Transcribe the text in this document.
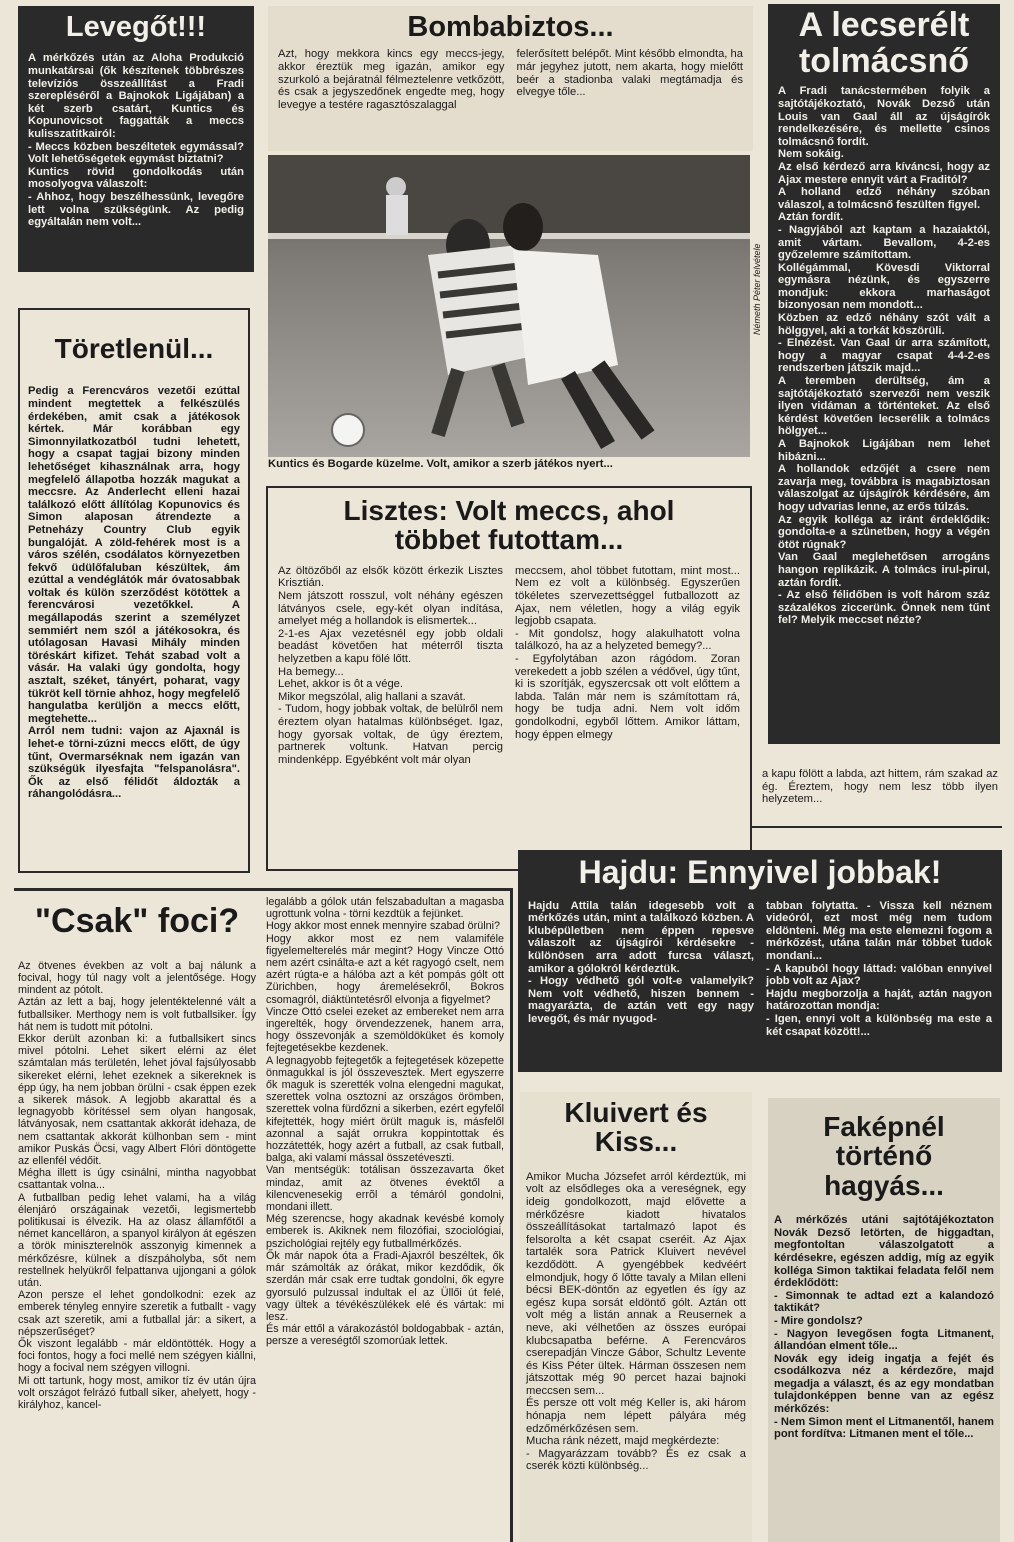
Levegőt!!!

A mérkőzés után az Aloha Produkció munkatársai (ők készítenek többrészes televíziós összeállítást a Fradi szerepléséről a Bajnokok Ligájában) a két szerb csatárt, Kuntics és Kopunovicsot faggatták a meccs kulisszatitkairól:
- Meccs közben beszéltetek egymással? Volt lehetőségetek egymást biztatni?
Kuntics rövid gondolkodás után mosolyogva válaszolt:
- Ahhoz, hogy beszélhessünk, levegőre lett volna szükségünk. Az pedig egyáltalán nem volt...

Bombabiztos...

Azt, hogy mekkora kincs egy meccs-jegy, akkor éreztük meg igazán, amikor egy szurkoló a bejáratnál félmeztelenre vetkőzött, és csak a jegyszedőnek engedte meg, hogy levegye a testére ragasztószalaggal

felerősített belépőt. Mint később elmondta, ha már jegyhez jutott, nem akarta, hogy mielőtt beér a stadionba valaki megtámadja és elvegye tőle...

Németh Péter felvétele
Kuntics és Bogarde küzelme. Volt, amikor a szerb játékos nyert...
A lecserélt tolmácsnő

A Fradi tanácstermében folyik a sajtótájékoztató, Novák Dezső után Louis van Gaal áll az újságírók rendelkezésére, és mellette csinos tolmácsnő fordít.
Nem sokáig.
Az első kérdező arra kíváncsi, hogy az Ajax mestere ennyit várt a Fraditól?
A holland edző néhány szóban válaszol, a tolmácsnő feszülten figyel.
Aztán fordít.
- Nagyjából azt kaptam a hazaiaktól, amit vártam. Bevallom, 4-2-es győzelemre számítottam.
Kollégámmal, Kövesdi Viktorral egymásra nézünk, és egyszerre mondjuk: ekkora marhaságot bizonyosan nem mondott...
Közben az edző néhány szót vált a hölggyel, aki a torkát köszörüli.
- Elnézést. Van Gaal úr arra számított, hogy a magyar csapat 4-4-2-es rendszerben játszik majd...
A teremben derültség, ám a sajtótájékoztató szervezői nem veszik ilyen vidáman a történteket. Az első kérdést követően lecserélik a tolmács hölgyet...
A Bajnokok Ligájában nem lehet hibázni...
A hollandok edzőjét a csere nem zavarja meg, továbbra is magabiztosan válaszolgat az újságírók kérdésére, ám hogy udvarias lenne, az erős túlzás.
Az egyik kolléga az iránt érdeklődik: gondolta-e a szünetben, hogy a végén ötöt rúgnak?
Van Gaal meglehetősen arrogáns hangon replikázik. A tolmács irul-pirul, aztán fordít.
- Az első félidőben is volt három száz százalékos ziccerünk. Önnek nem tűnt fel? Melyik meccset nézte?

Töretlenül...

Pedig a Ferencváros vezetői ezúttal mindent megtettek a felkészülés érdekében, amit csak a játékosok kértek. Már korábban egy Simonnyilatkozatból tudni lehetett, hogy a csapat tagjai bizony minden lehetőséget kihasználnak arra, hogy megfelelő állapotba hozzák magukat a meccsre. Az Anderlecht elleni hazai találkozó előtt állítólag Kopunovics és Simon alaposan átrendezte a Petneházy Country Club egyik bungalóját. A zöld-fehérek most is a város szélén, csodálatos környezetben fekvő üdülőfaluban készültek, ám ezúttal a vendéglátók már óvatosabbak voltak és külön szerződést kötöttek a ferencvárosi vezetőkkel. A megállapodás szerint a személyzet semmiért nem szól a játékosokra, és utólagosan Havasi Mihály minden töréskárt kifizet. Tehát szabad volt a vásár. Ha valaki úgy gondolta, hogy asztalt, széket, tányért, poharat, vagy tükröt kell törnie ahhoz, hogy megfelelő hangulatba kerüljön a meccs előtt, megtehette...
Arról nem tudni: vajon az Ajaxnál is lehet-e törni-zúzni meccs előtt, de úgy tűnt, Overmarséknak nem igazán van szükségük ilyesfajta "felspanolásra". Ők az első félidőt áldozták a ráhangolódásra...

Lisztes: Volt meccs, ahol többet futottam...

Az öltözőből az elsők között érkezik Lisztes Krisztián.
Nem játszott rosszul, volt néhány egészen látványos csele, egy-két olyan indítása, amelyet még a hollandok is elismertek...
2-1-es Ajax vezetésnél egy jobb oldali beadást követően hat méterről tiszta helyzetben a kapu fölé lőtt.
Ha bemegy...
Lehet, akkor is ôt a vége.
Mikor megszólal, alig hallani a szavát.
- Tudom, hogy jobbak voltak, de belülről nem éreztem olyan hatalmas különbséget. Igaz, hogy gyorsak voltak, de úgy éreztem, partnerek voltunk. Hatvan percig mindenképp. Egyébként volt már olyan

meccsem, ahol többet futottam, mint most... Nem ez volt a különbség. Egyszerűen tökéletes szervezettséggel futballozott az Ajax, nem véletlen, hogy a világ egyik legjobb csapata.
- Mit gondolsz, hogy alakulhatott volna találkozó, ha az a helyzeted bemegy?...
- Egyfolytában azon rágódom. Zoran verekedett a jobb szélen a védővel, úgy tűnt, ki is szorítják, egyszercsak ott volt előttem a labda. Talán már nem is számítottam rá, hogy be tudja adni. Nem volt időm gondolkodni, egyből lőttem. Amikor láttam, hogy éppen elmegy

a kapu fölött a labda, azt hittem, rám szakad az ég. Éreztem, hogy nem lesz több ilyen helyzetem...

"Csak" foci?

Az ötvenes években az volt a baj nálunk a focival, hogy túl nagy volt a jelentősége. Hogy mindent az pótolt.
Aztán az lett a baj, hogy jelentéktelenné vált a futballsiker. Merthogy nem is volt futballsiker. Így hát nem is tudott mit pótolni.
Ekkor derült azonban ki: a futballsikert sincs mivel pótolni. Lehet sikert elérni az élet számtalan más területén, lehet jóval fajsúlyosabb sikereket elérni, lehet ezeknek a sikereknek is épp úgy, ha nem jobban örülni - csak éppen ezek a sikerek mások. A legjobb akarattal és a legnagyobb körítéssel sem olyan hangosak, látványosak, nem csattantak akkorát idehaza, de nem csattantak akkorát külhonban sem - mint amikor Puskás Öcsi, vagy Albert Flóri döntögette az ellenfél védőit.
Mégha illett is úgy csinálni, mintha nagyobbat csattantak volna...
A futballban pedig lehet valami, ha a világ élenjáró országainak vezetői, legismertebb politikusai is élvezik. Ha az olasz államfőtől a német kancelláron, a spanyol királyon át egészen a török miniszterelnök asszonyig kimennek a mérkőzésre, külnek a díszpáholyba, sőt nem restellnek helyükről felpattanva ujjongani a gólok után.
Azon persze el lehet gondolkodni: ezek az emberek tényleg ennyire szeretik a futballt - vagy csak azt szeretik, ami a futballal jár: a sikert, a népszerűséget?
Ők viszont legalább - már eldöntötték. Hogy a foci fontos, hogy a foci mellé nem szégyen kiállni, hogy a focival nem szégyen villogni.
Mi ott tartunk, hogy most, amikor tíz év után újra volt országot felrázó futball siker, ahelyett, hogy - királyhoz, kancel-

legalább a gólok után felszabadultan a magasba ugrottunk volna - törni kezdtük a fejünket.
Hogy akkor most ennek mennyire szabad örülni?
Hogy akkor most ez nem valamiféle figyelemelterelés már megint? Hogy Vincze Ottó nem azért csinálta-e azt a két ragyogó cselt, nem azért rúgta-e a hálóba azt a két pompás gólt ott Zürichben, hogy áremelésekről, Bokros csomagról, diáktüntetésről elvonja a figyelmet?
Vincze Ottó cselei ezeket az embereket nem arra ingerelték, hogy örvendezzenek, hanem arra, hogy összevonják a szemöldöküket és komoly fejtegetésekbe kezdenek.
A legnagyobb fejtegetők a fejtegetések közepette önmagukkal is jól összevesztek. Mert egyszerre ők maguk is szerették volna elengedni magukat, szerettek volna osztozni az országos örömben, szerettek volna fürdőzni a sikerben, ezért egyfelől kifejtették, hogy miért örült maguk is, másfelől azonnal a saját orrukra koppintottak és hozzátették, hogy azért a futball, az csak futball, balga, aki valami mással összetéveszti.
Van mentségük: totálisan összezavarta őket mindaz, amit az ötvenes évektől a kilencvenesekig errõl a témáról gondolni, mondani illett.
Még szerencse, hogy akadnak kevésbé komoly emberek is. Akiknek nem filozófiai, szociológiai, pszichológiai rejtély egy futballmérkőzés.
Ők már napok óta a Fradi-Ajaxról beszéltek, ők már számolták az órákat, mikor kezdődik, ők szerdán már csak erre tudtak gondolni, ők egyre gyorsuló pulzussal indultak el az Üllői út felé, vagy ültek a tévékészülékek elé és vártak: mi lesz.
És már ettől a várakozástól boldogabbak - aztán, persze a vereségtől szomorúak lettek.

Hajdu: Ennyivel jobbak!

Hajdu Attila talán idegesebb volt a mérkőzés után, mint a találkozó közben. A klubépületben nem éppen repesve válaszolt az újságírói kérdésekre - különösen arra adott furcsa választ, amikor a gólokról kérdeztük.
- Hogy védhető gól volt-e valamelyik? Nem volt védhető, hiszen bennem - magyarázta, de aztán vett egy nagy levegőt, és már nyugod-

tabban folytatta. - Vissza kell néznem videóról, ezt most még nem tudom eldönteni. Még ma este elemezni fogom a mérkőzést, utána talán már többet tudok mondani...
- A kapuból hogy láttad: valóban ennyivel jobb volt az Ajax?
Hajdu megborzolja a haját, aztán nagyon határozottan mondja:
- Igen, ennyi volt a különbség ma este a két csapat között!...

Kluivert és Kiss...

Amikor Mucha Józsefet arról kérdeztük, mi volt az elsődleges oka a vereségnek, egy ideig gondolkozott, majd elővette a mérkőzésre kiadott hivatalos összeállításokat tartalmazó lapot és felsorolta a két csapat cseréit. Az Ajax tartalék sora Patrick Kluivert nevével kezdődött. A gyengébbek kedvéért elmondjuk, hogy ő lőtte tavaly a Milan elleni bécsi BEK-döntőn az egyetlen és így az egész kupa sorsát eldöntő gólt. Aztán ott volt még a listán annak a Reusernek a neve, aki vélhetően az összes európai klubcsapatba beférne. A Ferencváros cserepadján Vincze Gábor, Schultz Levente és Kiss Péter ültek. Hárman összesen nem játszottak még 90 percet hazai bajnoki meccsen sem...
És persze ott volt még Keller is, aki három hónapja nem lépett pályára még edzőmérkőzésen sem.
Mucha ránk nézett, majd megkérdezte:
- Magyarázzam tovább? És ez csak a cserék közti különbség...

Faképnél történő hagyás...

A mérkőzés utáni sajtótájékoztaton Novák Dezső letörten, de higgadtan, megfontoltan válaszolgatott a kérdésekre, egészen addig, míg az egyik kollégа Simon taktikai feladata felől nem érdeklődött:
- Simonnak te adtad ezt a kalandozó taktikát?
- Mire gondolsz?
- Nagyon levegősen fogta Litmanent, állandóan elment tőle...
Novák egy ideig ingatja a fejét és csodálkozva néz a kérdezőre, majd megadja a választ, és az egy mondatban tulajdonképpen benne van az egész mérkőzés:
- Nem Simon ment el Litmanentől, hanem pont fordítva: Litmanen ment el tőle...
